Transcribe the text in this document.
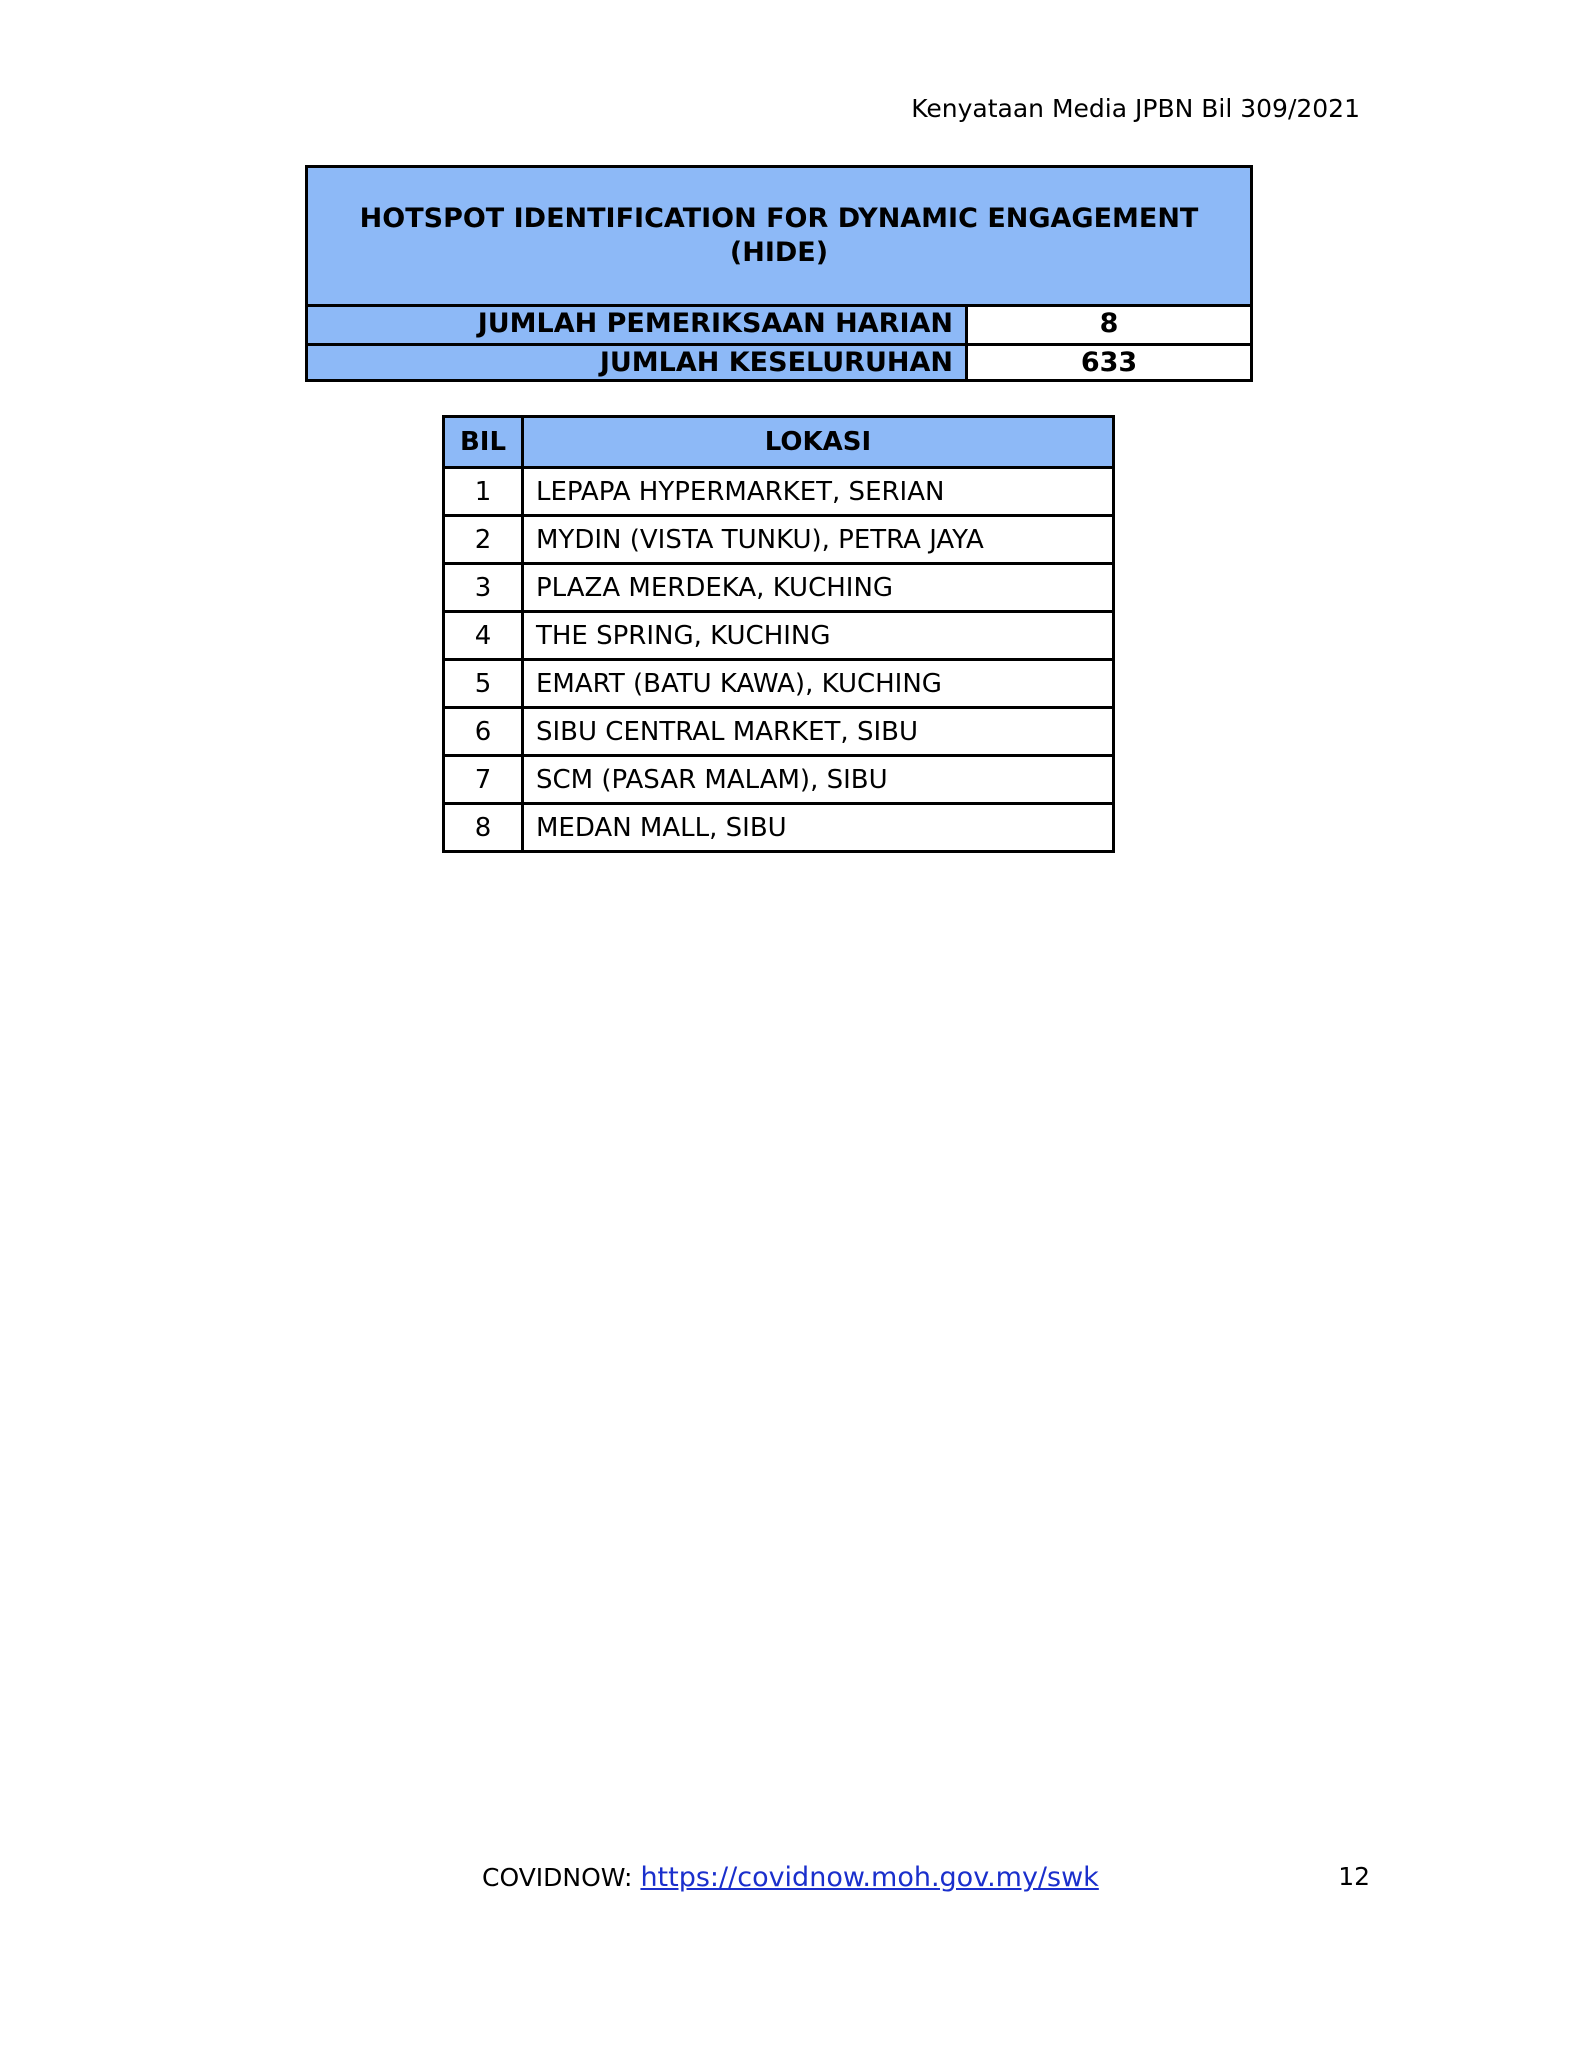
Kenyataan Media JPBN Bil 309/2021
HOTSPOT IDENTIFICATION FOR DYNAMIC ENGAGEMENT
(HIDE)
JUMLAH PEMERIKSAAN HARIAN	8
JUMLAH KESELURUHAN	633
BIL	LOKASI
1	LEPAPA HYPERMARKET, SERIAN
2	MYDIN (VISTA TUNKU), PETRA JAYA
3	PLAZA MERDEKA, KUCHING
4	THE SPRING, KUCHING
5	EMART (BATU KAWA), KUCHING
6	SIBU CENTRAL MARKET, SIBU
7	SCM (PASAR MALAM), SIBU
8	MEDAN MALL, SIBU
COVIDNOW: https://covidnow.moh.gov.my/swk	12
